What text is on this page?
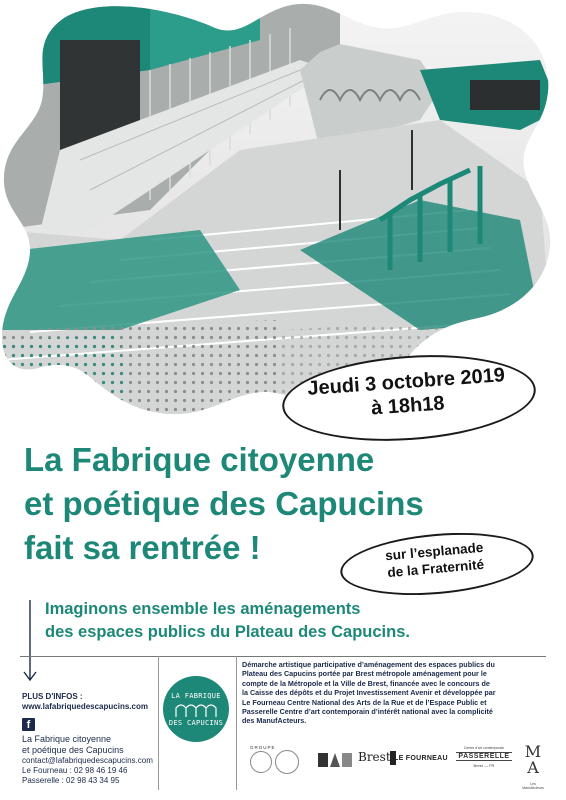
Jeudi 3 octobre 2019
à 18h18
La Fabrique citoyenne
et poétique des Capucins
fait sa rentrée !	sur l’esplanade
de la Fraternité
Imaginons ensemble les aménagements
des espaces publics du Plateau des Capucins.
PLUS D'INFOS :
www.lafabriquedescapucins.com
f
La Fabrique citoyenne
et poétique des Capucins
contact@lafabriquedescapucins.com
Le Fourneau : 02 98 46 19 46
Passerelle : 02 98 43 34 95
LA FABRIQUE
DES CAPUCINS
Démarche artistique participative d’aménagement des espaces publics du
Plateau des Capucins portée par Brest métropole aménagement pour le
compte de la Métropole et la Ville de Brest, financée avec le concours de
la Caisse des dépôts et du Projet Investissement Avenir et développée par
Le Fourneau Centre National des Arts de la Rue et de l’Espace Public et
Passerelle Centre d’art contemporain d’intérêt national avec la complicité
des ManufActeurs.
GROUPE
Brest LE FOURNEAU
Centre d'art contemporain
PASSERELLE
Brest — FR
M
A
Les ManufActeurs
